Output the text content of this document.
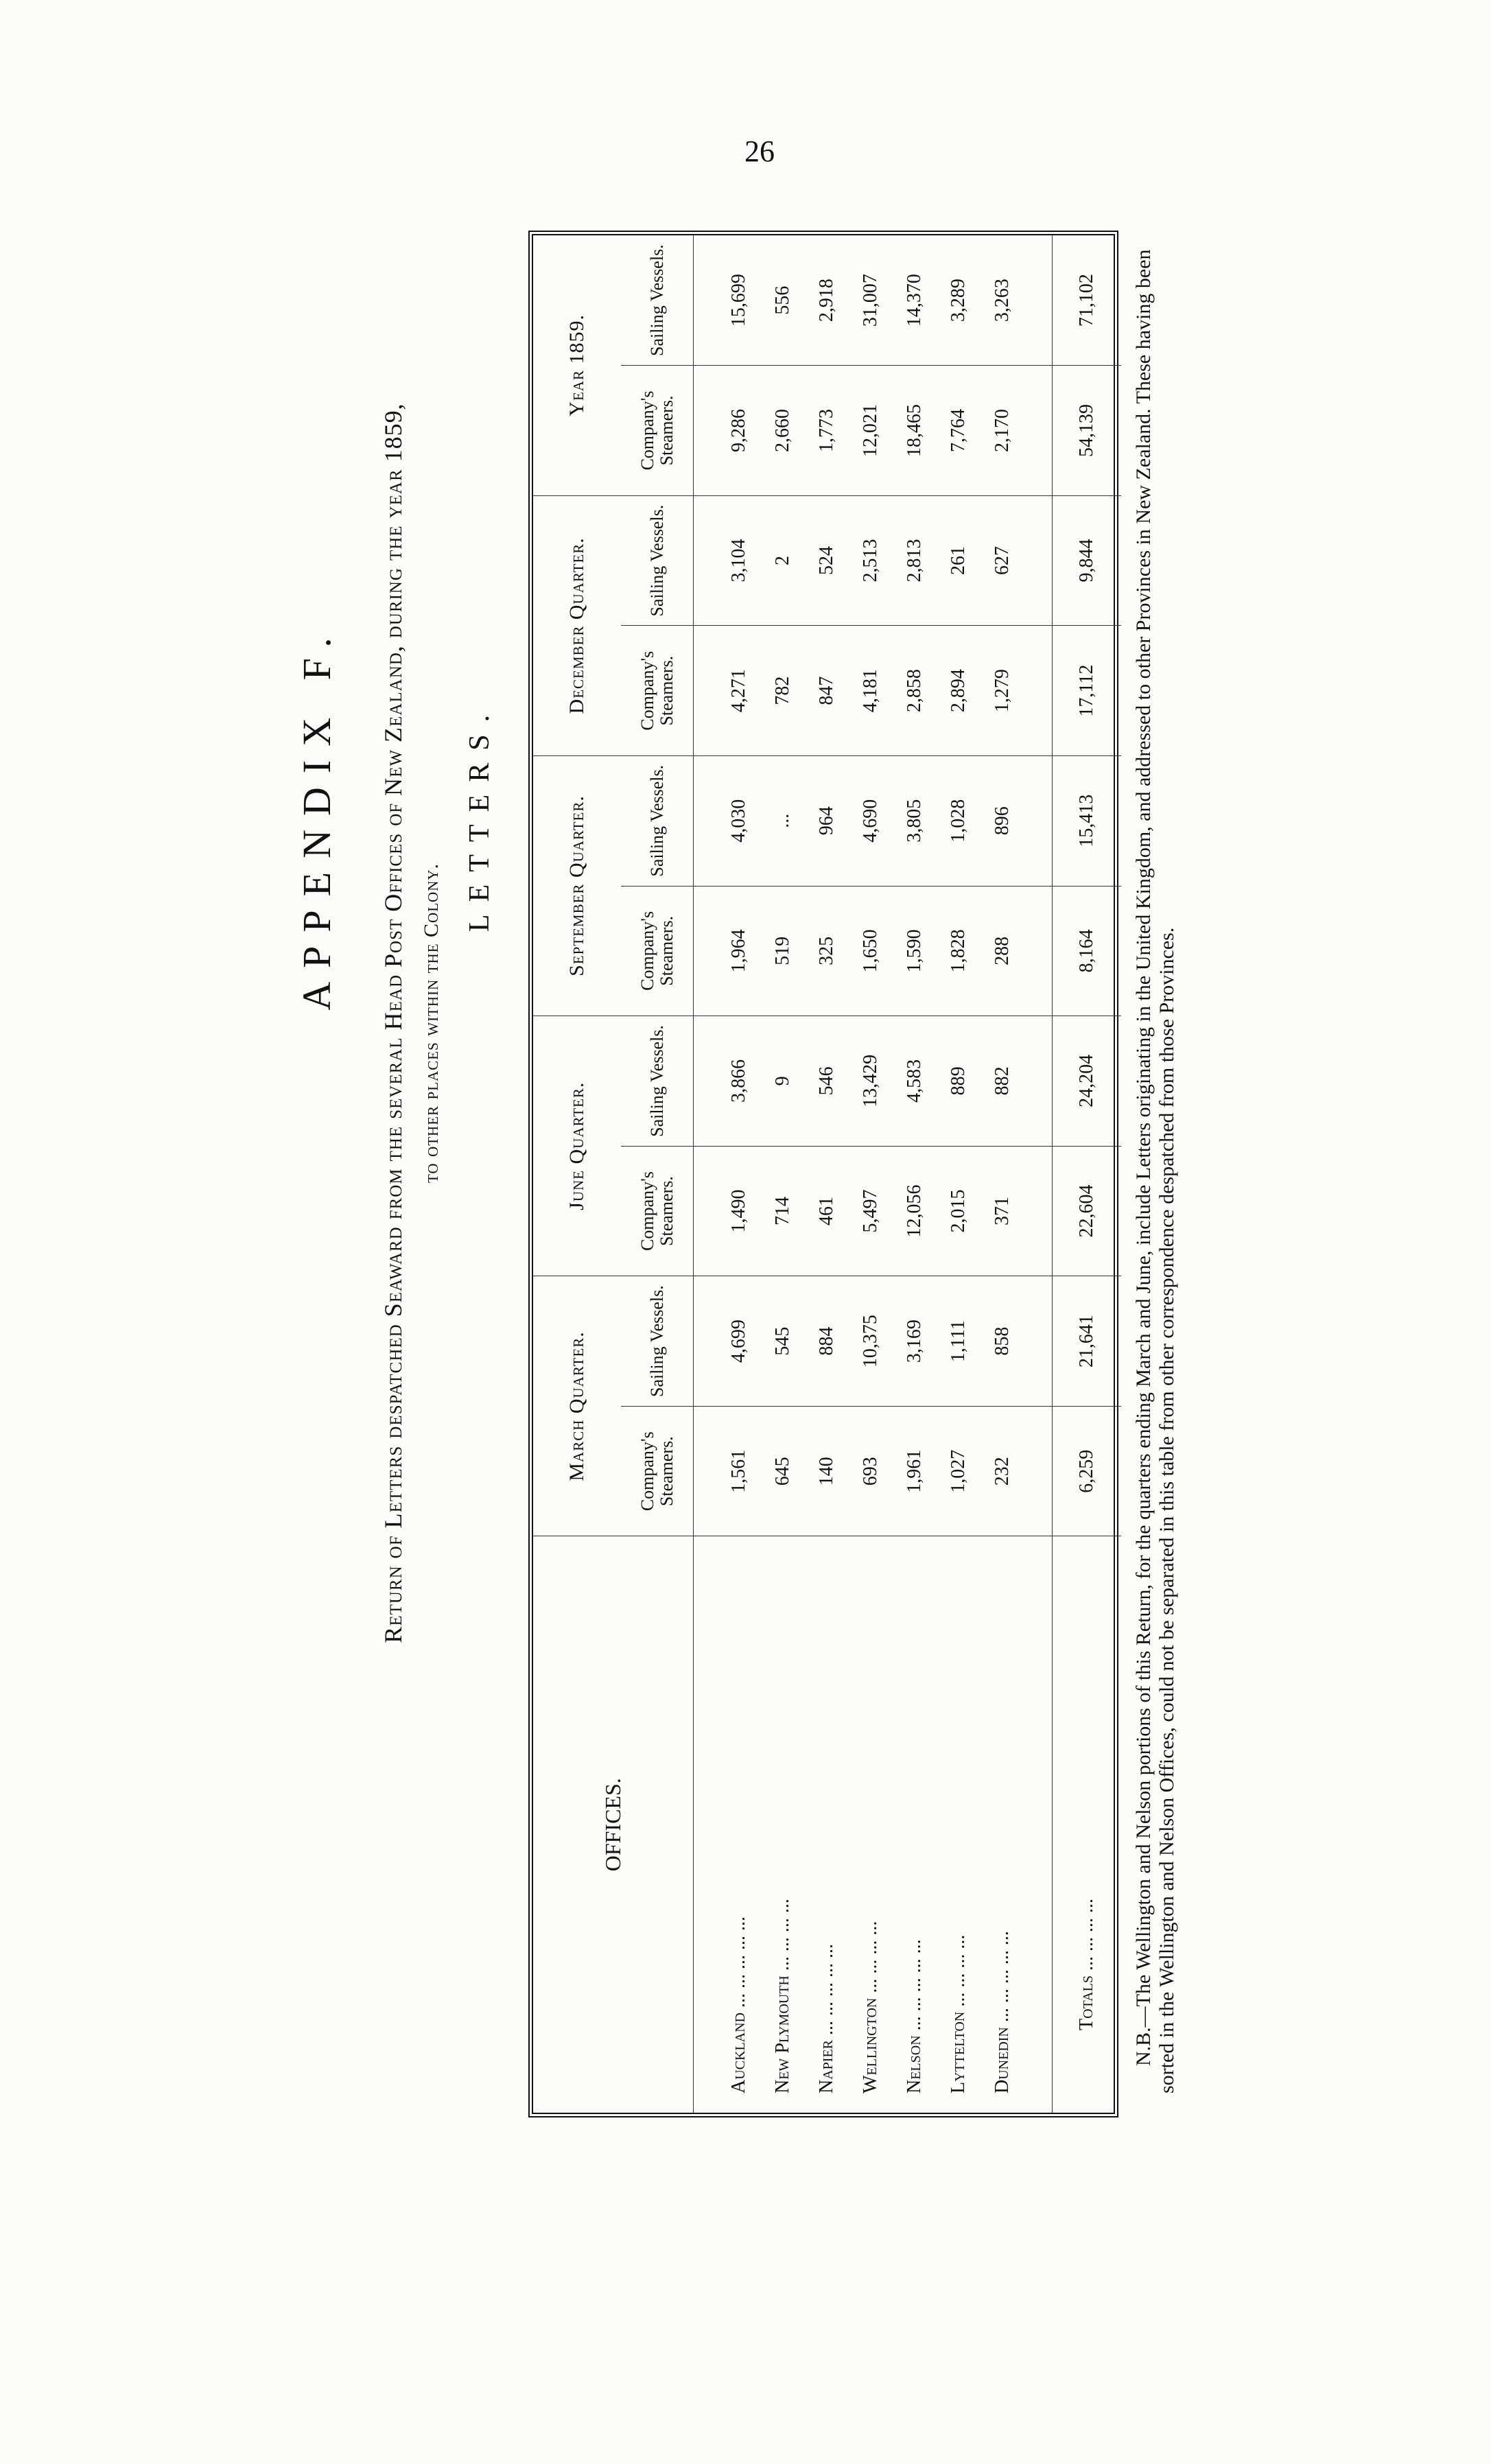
26
APPENDIX F. Return of Letters despatched Seaward from the several Head Post Offices of New Zealand, during the year 1859, to other places within the Colony.
LETTERS.
OFFICES.	March Quarter.		June Quarter.		September Quarter.		December Quarter.		Year 1859.	
	Company's Steamers.	Sailing Vessels.	Company's Steamers.	Sailing Vessels.	Company's Steamers.	Sailing Vessels.	Company's Steamers.	Sailing Vessels.	Company's Steamers.	Sailing Vessels.
Auckland ... ... ... ... ...	1,561	4,699	1,490	3,866	1,964	4,030	4,271	3,104	9,286	15,699
New Plymouth ... ... ... ...	645	545	714	9	519	...	782	2	2,660	556
Napier ... ... ... ... ...	140	884	461	546	325	964	847	524	1,773	2,918
Wellington ... ... ... ...	693	10,375	5,497	13,429	1,650	4,690	4,181	2,513	12,021	31,007
Nelson ... ... ... ... ...	1,961	3,169	12,056	4,583	1,590	3,805	2,858	2,813	18,465	14,370
Lyttelton ... ... ... ...	1,027	1,111	2,015	889	1,828	1,028	2,894	261	7,764	3,289
Dunedin ... ... ... ... ...	232	858	371	882	288	896	1,279	627	2,170	3,263

Totals ... ... ... ...	6,259	21,641	22,604	24,204	8,164	15,413	17,112	9,844	54,139	71,102 N.B.—The Wellington and Nelson portions of this Return, for the quarters ending March and June, include Letters originating in the United Kingdom, and addressed to other Provinces in New Zealand. These having been sorted in the Wellington and Nelson Offices, could not be separated in this table from other correspondence despatched from those Provinces.
